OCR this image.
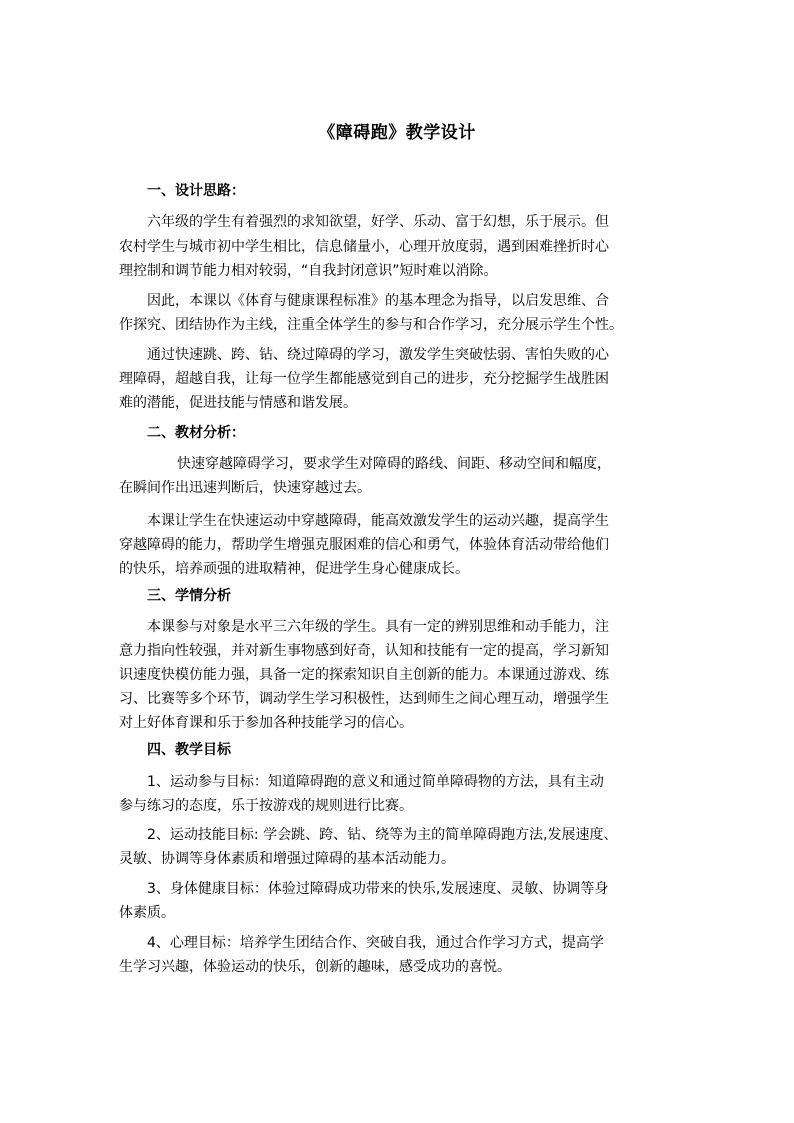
《障碍跑》教学设计
一、设计思路：
六年级的学生有着强烈的求知欲望，好学、乐动、富于幻想，乐于展示。但
农村学生与城市初中学生相比，信息储量小，心理开放度弱，遇到困难挫折时心
理控制和调节能力相对较弱，“自我封闭意识”短时难以消除。
因此，本课以《体育与健康课程标准》的基本理念为指导，以启发思维、合
作探究、团结协作为主线，注重全体学生的参与和合作学习，充分展示学生个性。
通过快速跳、跨、钻、绕过障碍的学习，激发学生突破怯弱、害怕失败的心
理障碍，超越自我，让每一位学生都能感觉到自己的进步，充分挖掘学生战胜困
难的潜能，促进技能与情感和谐发展。
二、教材分析：
快速穿越障碍学习，要求学生对障碍的路线、间距、移动空间和幅度，
在瞬间作出迅速判断后，快速穿越过去。
本课让学生在快速运动中穿越障碍，能高效激发学生的运动兴趣，提高学生
穿越障碍的能力，帮助学生增强克服困难的信心和勇气，体验体育活动带给他们
的快乐，培养顽强的进取精神，促进学生身心健康成长。
三、学情分析
本课参与对象是水平三六年级的学生。具有一定的辨别思维和动手能力，注
意力指向性较强，并对新生事物感到好奇，认知和技能有一定的提高，学习新知
识速度快模仿能力强，具备一定的探索知识自主创新的能力。本课通过游戏、练
习、比赛等多个环节，调动学生学习积极性，达到师生之间心理互动，增强学生
对上好体育课和乐于参加各种技能学习的信心。
四、教学目标
1、运动参与目标：知道障碍跑的意义和通过简单障碍物的方法，具有主动
参与练习的态度，乐于按游戏的规则进行比赛。
2、运动技能目标: 学会跳、跨、钻、绕等为主的简单障碍跑方法,发展速度、
灵敏、协调等身体素质和增强过障碍的基本活动能力。
3、身体健康目标：体验过障碍成功带来的快乐,发展速度、灵敏、协调等身
体素质。
4、心理目标：培养学生团结合作、突破自我，通过合作学习方式，提高学
生学习兴趣，体验运动的快乐，创新的趣味，感受成功的喜悦。
